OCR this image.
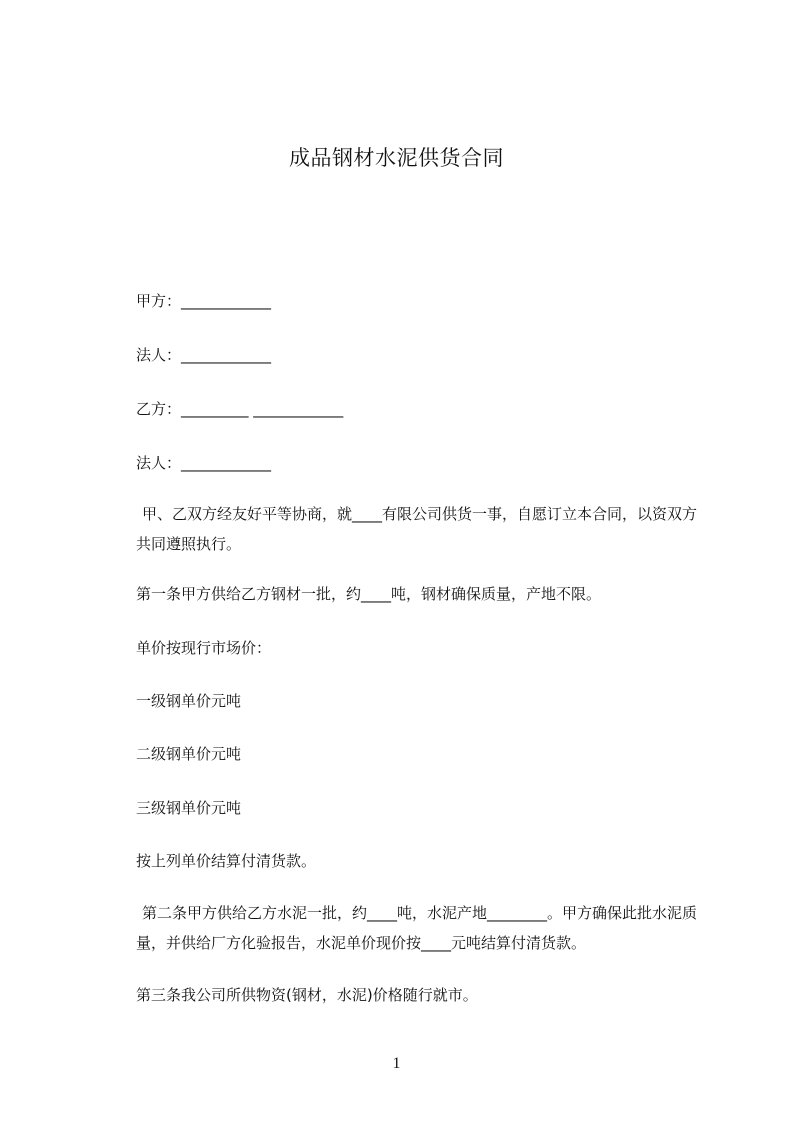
成品钢材水泥供货合同
甲方：____________
法人：____________
乙方：_________ ____________
法人：____________
甲、乙双方经友好平等协商，就____有限公司供货一事，自愿订立本合同，以资双方共同遵照执行。
第一条甲方供给乙方钢材一批，约____吨，钢材确保质量，产地不限。
单价按现行市场价：
一级钢单价元吨
二级钢单价元吨
三级钢单价元吨
按上列单价结算付清货款。
第二条甲方供给乙方水泥一批，约____吨，水泥产地________。甲方确保此批水泥质量，并供给厂方化验报告，水泥单价现价按____元吨结算付清货款。
第三条我公司所供物资(钢材，水泥)价格随行就市。
1
